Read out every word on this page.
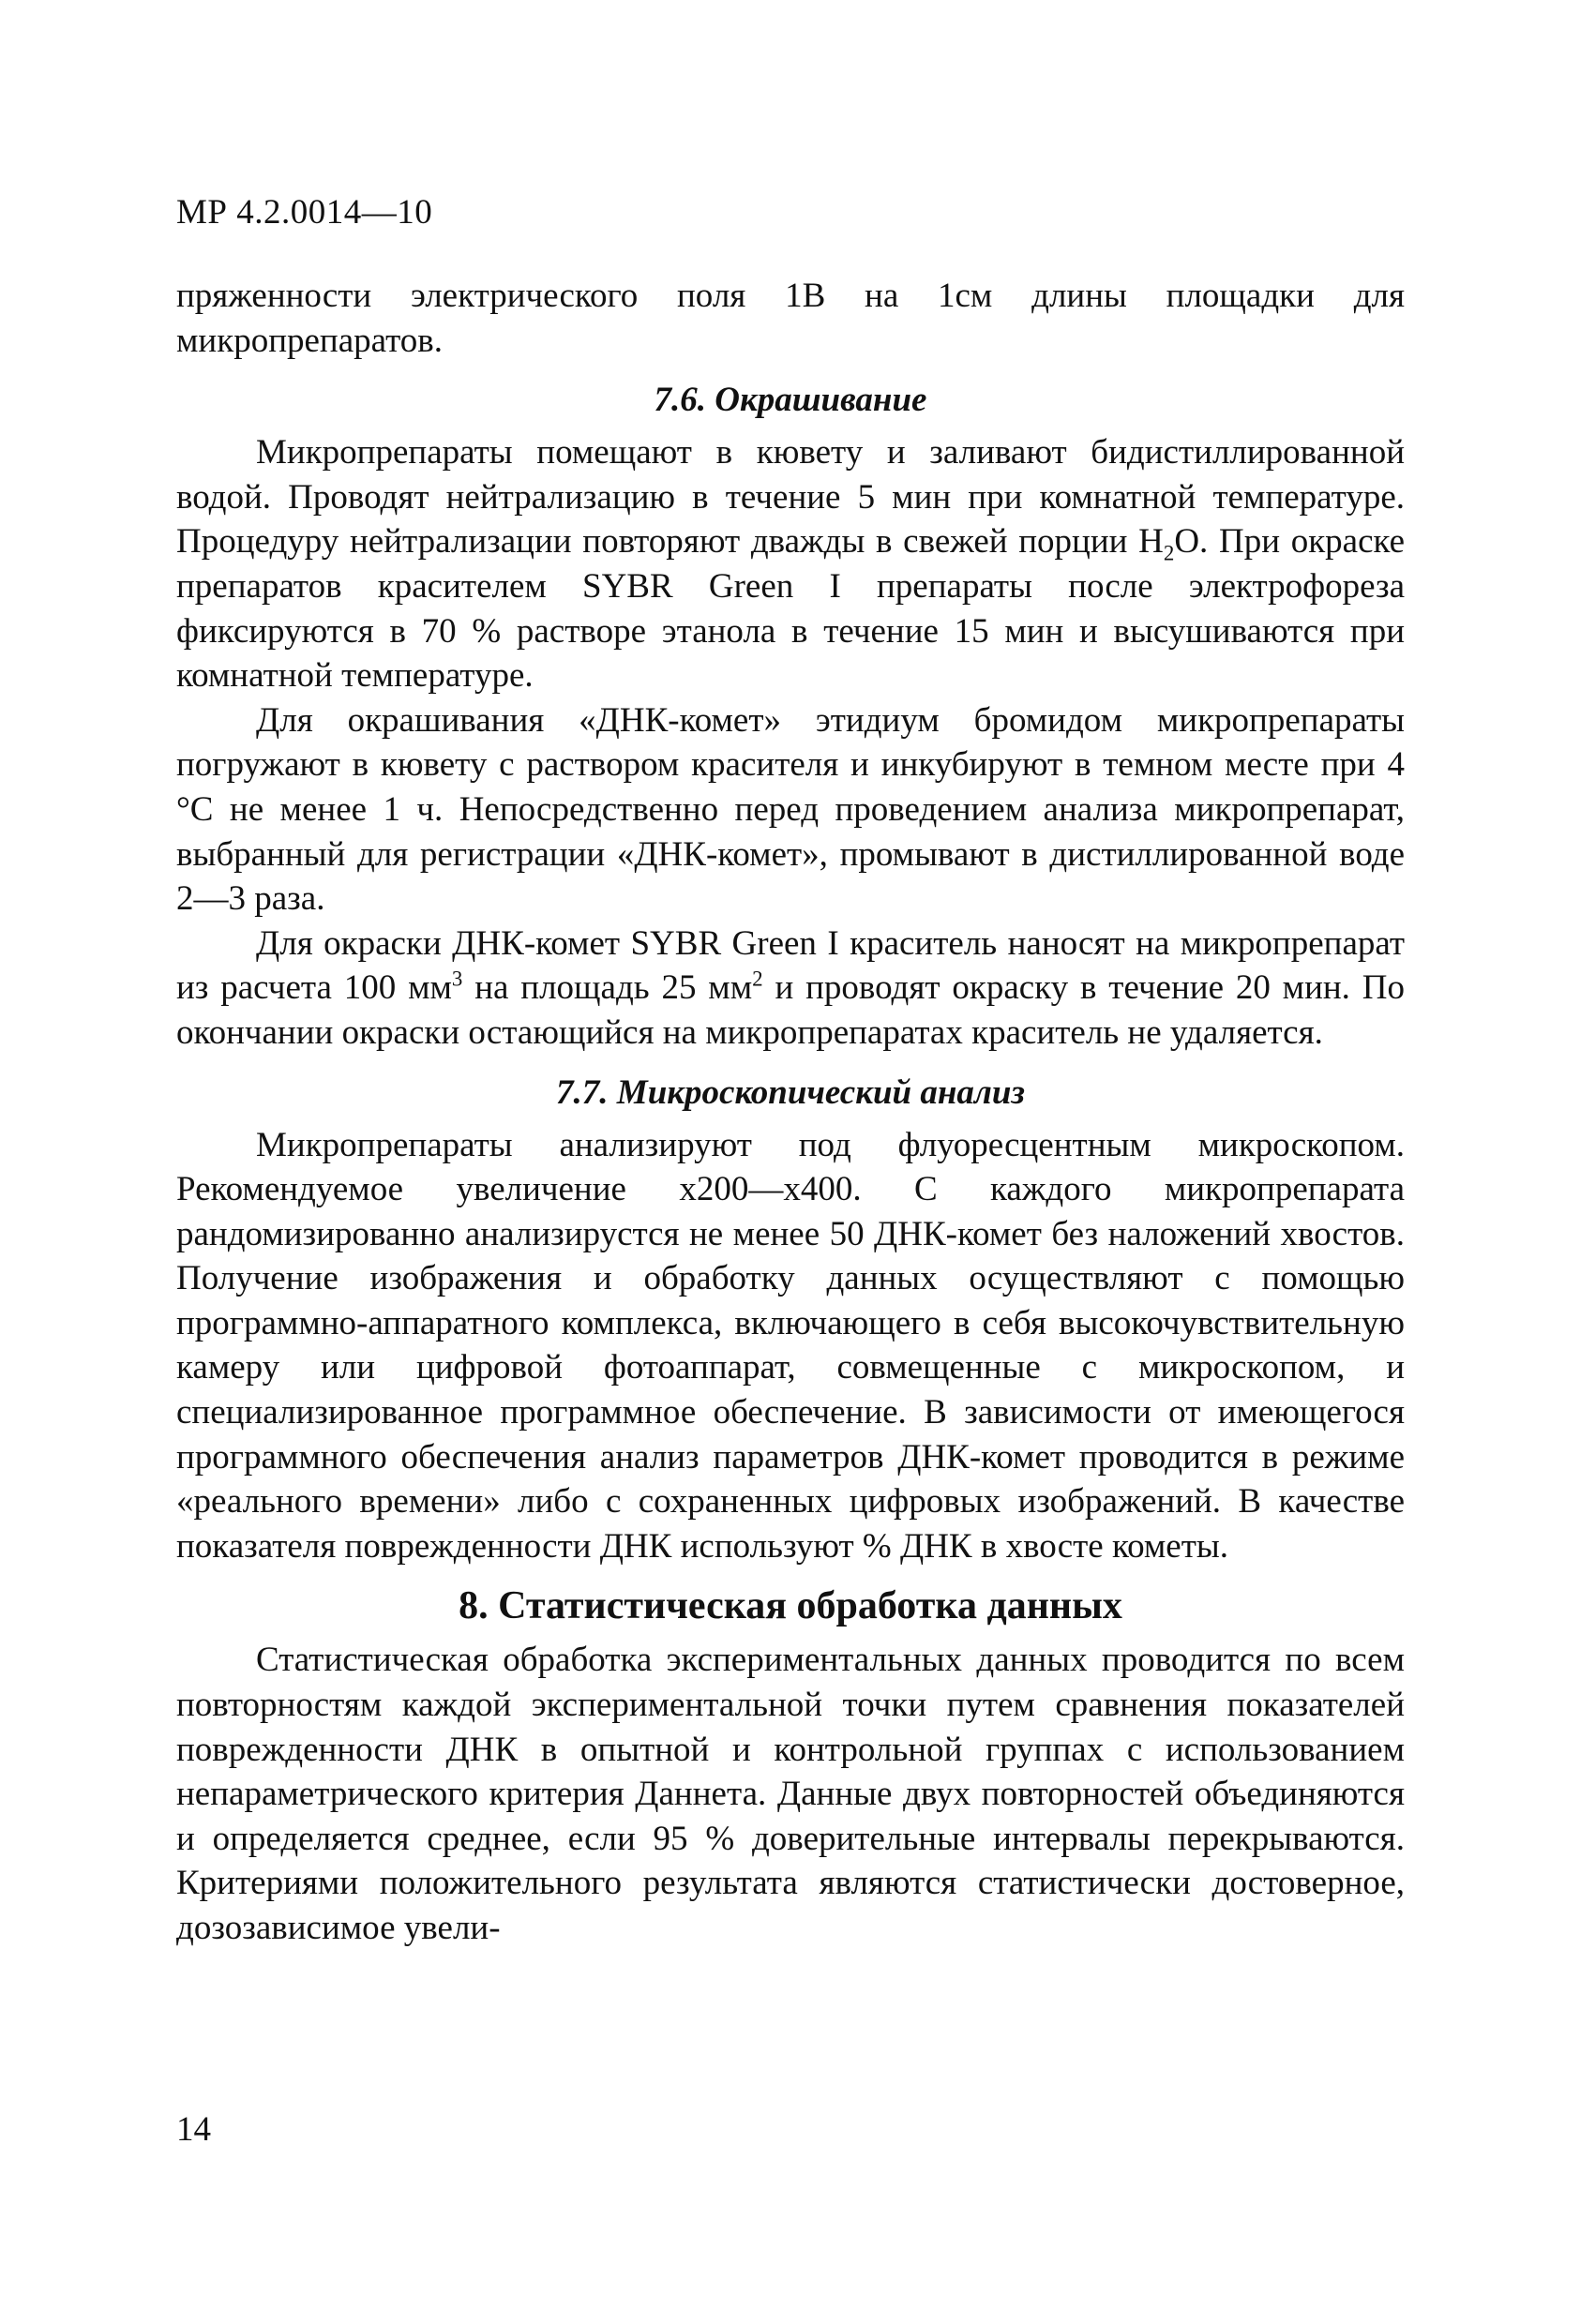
МР 4.2.0014—10

пряженности электрического поля 1В на 1см длины площадки для микропрепаратов.

7.6. Окрашивание

Микропрепараты помещают в кювету и заливают бидистиллированной водой. Проводят нейтрализацию в течение 5 мин при комнатной температуре. Процедуру нейтрализации повторяют дважды в свежей порции $H_2O$. При окраске препаратов красителем SYBR Green I препараты после электрофореза фиксируются в 70 % растворе этанола в течение 15 мин и высушиваются при комнатной температуре.

Для окрашивания «ДНК-комет» этидиум бромидом микропрепараты погружают в кювету с раствором красителя и инкубируют в темном месте при 4 °С не менее 1 ч. Непосредственно перед проведением анализа микропрепарат, выбранный для регистрации «ДНК-комет», промывают в дистиллированной воде 2—3 раза.

Для окраски ДНК-комет SYBR Green I краситель наносят на микропрепарат из расчета 100 $мм^3$ на площадь 25 $мм^2$ и проводят окраску в течение 20 мин. По окончании окраски остающийся на микропрепаратах краситель не удаляется.

7.7. Микроскопический анализ

Микропрепараты анализируют под флуоресцентным микроскопом. Рекомендуемое увеличение x200—x400. С каждого микропрепарата рандомизированно анализирустся не менее 50 ДНК-комет без наложений хвостов. Получение изображения и обработку данных осуществляют с помощью программно-аппаратного комплекса, включающего в себя высокочувствительную камеру или цифровой фотоаппарат, совмещенные с микроскопом, и специализированное программное обеспечение. В зависимости от имеющегося программного обеспечения анализ параметров ДНК-комет проводится в режиме «реального времени» либо с сохраненных цифровых изображений. В качестве показателя поврежденности ДНК используют % ДНК в хвосте кометы.

8. Статистическая обработка данных

Статистическая обработка экспериментальных данных проводится по всем повторностям каждой экспериментальной точки путем сравнения показателей поврежденности ДНК в опытной и контрольной группах с использованием непараметрического критерия Даннета. Данные двух повторностей объединяются и определяется среднее, если 95 % доверительные интервалы перекрываются. Критериями положительного результата являются статистически достоверное, дозозависимое увели-

14
